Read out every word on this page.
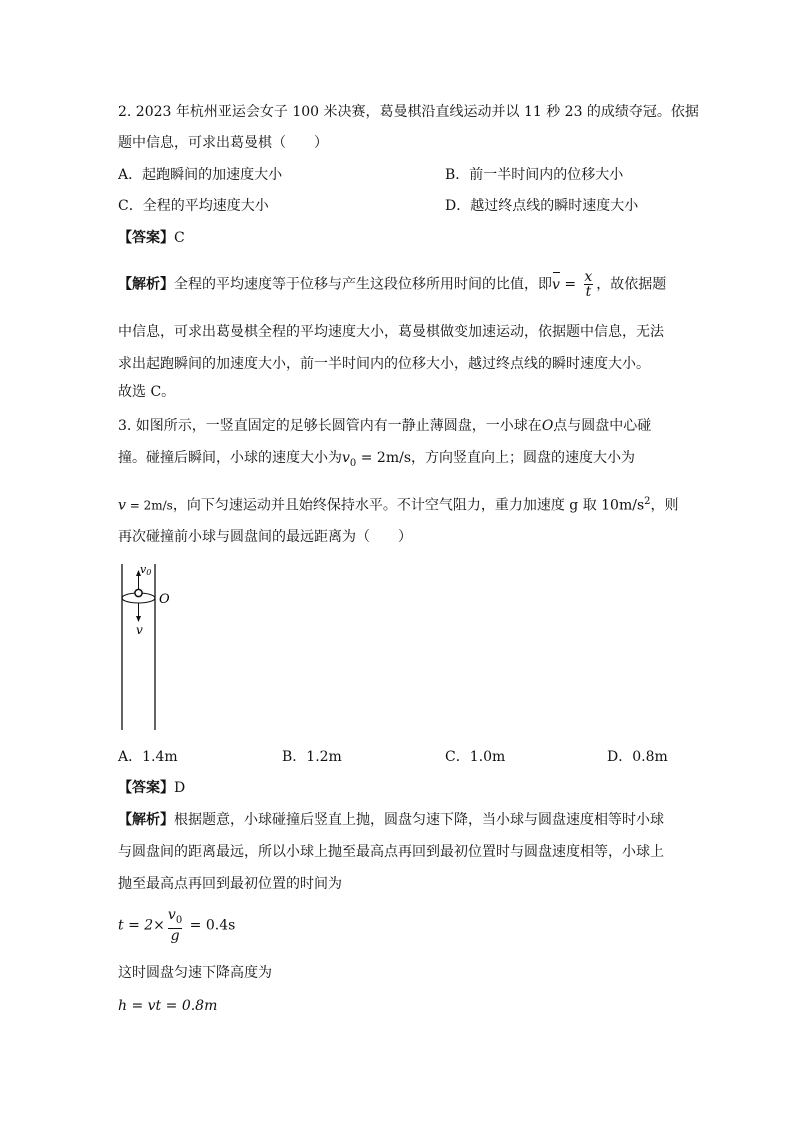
2. 2023 年杭州亚运会女子 100 米决赛，葛曼棋沿直线运动并以 11 秒 23 的成绩夺冠。依据
题中信息，可求出葛曼棋（　　）
A．起跑瞬间的加速度大小	B．前一半时间内的位移大小
C．全程的平均速度大小	D．越过终点线的瞬时速度大小
【答案】C
【解析】全程的平均速度等于位移与产生这段位移所用时间的比值，即$v = \frac{x}{t}$ ，故依据题
中信息，可求出葛曼棋全程的平均速度大小，葛曼棋做变加速运动，依据题中信息，无法
求出起跑瞬间的加速度大小，前一半时间内的位移大小，越过终点线的瞬时速度大小。
故选 C。
3. 如图所示，一竖直固定的足够长圆管内有一静止薄圆盘，一小球在O点与圆盘中心碰
撞。碰撞后瞬间，小球的速度大小为$v_0 = 2m/s$，方向竖直向上；圆盘的速度大小为
v = 2m/s，向下匀速运动并且始终保持水平。不计空气阻力，重力加速度 g 取 $10m/s^2$，则
再次碰撞前小球与圆盘间的最远距离为（　　）
v0
O
v
A．1.4m	B．1.2m	C．1.0m	D．0.8m
【答案】D
【解析】根据题意，小球碰撞后竖直上抛，圆盘匀速下降，当小球与圆盘速度相等时小球
与圆盘间的距离最远，所以小球上抛至最高点再回到最初位置时与圆盘速度相等，小球上
抛至最高点再回到最初位置的时间为
$t = 2\times \frac{v_0}{g} = 0.4s$
这时圆盘匀速下降高度为
h = vt = 0.8m
